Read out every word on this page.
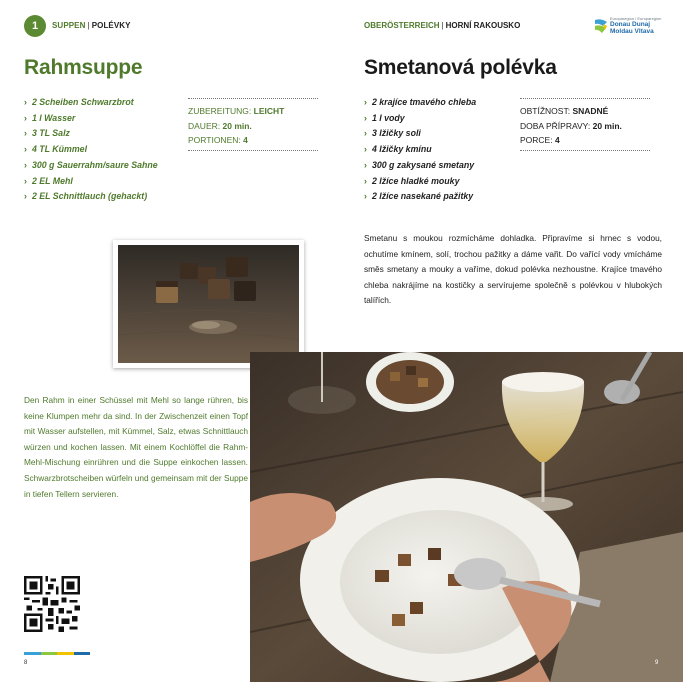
1	SUPPEN | POLÉVKY	OBERÖSTERREICH | HORNÍ RAKOUSKO
Europaregion / Europaregion
Donau Dunaj
Moldau Vltava
Rahmsuppe	Smetanová polévka
› 2 Scheiben Schwarzbrot
› 1 l Wasser
› 3 TL Salz
› 4 TL Kümmel
› 300 g Sauerrahm/saure Sahne
› 2 EL Mehl
› 2 EL Schnittlauch (gehackt)
› 2 krajíce tmavého chleba
› 1 l vody
› 3 lžičky soli
› 4 lžičky kmínu
› 300 g zakysané smetany
› 2 lžíce hladké mouky
› 2 lžíce nasekané pažitky
ZUBEREITUNG: LEICHT
DAUER: 20 min.
PORTIONEN: 4
OBTÍŽNOST: SNADNÉ
DOBA PŘÍPRAVY: 20 min.
PORCE: 4

Smetanu s moukou rozmícháme dohladka. Připravíme si hrnec s vodou, ochutíme kmínem, solí, trochou pažitky a dáme vařit. Do vařící vody vmícháme směs smetany a mouky a vaříme, dokud polévka nezhoustne. Krajíce tmavého chleba nakrájíme na kostičky a servírujeme společně s polévkou v hlubokých talířích.

Den Rahm in einer Schüssel mit Mehl so lange rühren, bis keine Klumpen mehr da sind. In der Zwischenzeit einen Topf mit Wasser aufstellen, mit Kümmel, Salz, etwas Schnittlauch würzen und kochen lassen. Mit einem Kochlöffel die Rahm-Mehl-Mischung einrühren und die Suppe einkochen lassen. Schwarzbrotscheiben würfeln und gemeinsam mit der Suppe in tiefen Tellern servieren.

8	9
